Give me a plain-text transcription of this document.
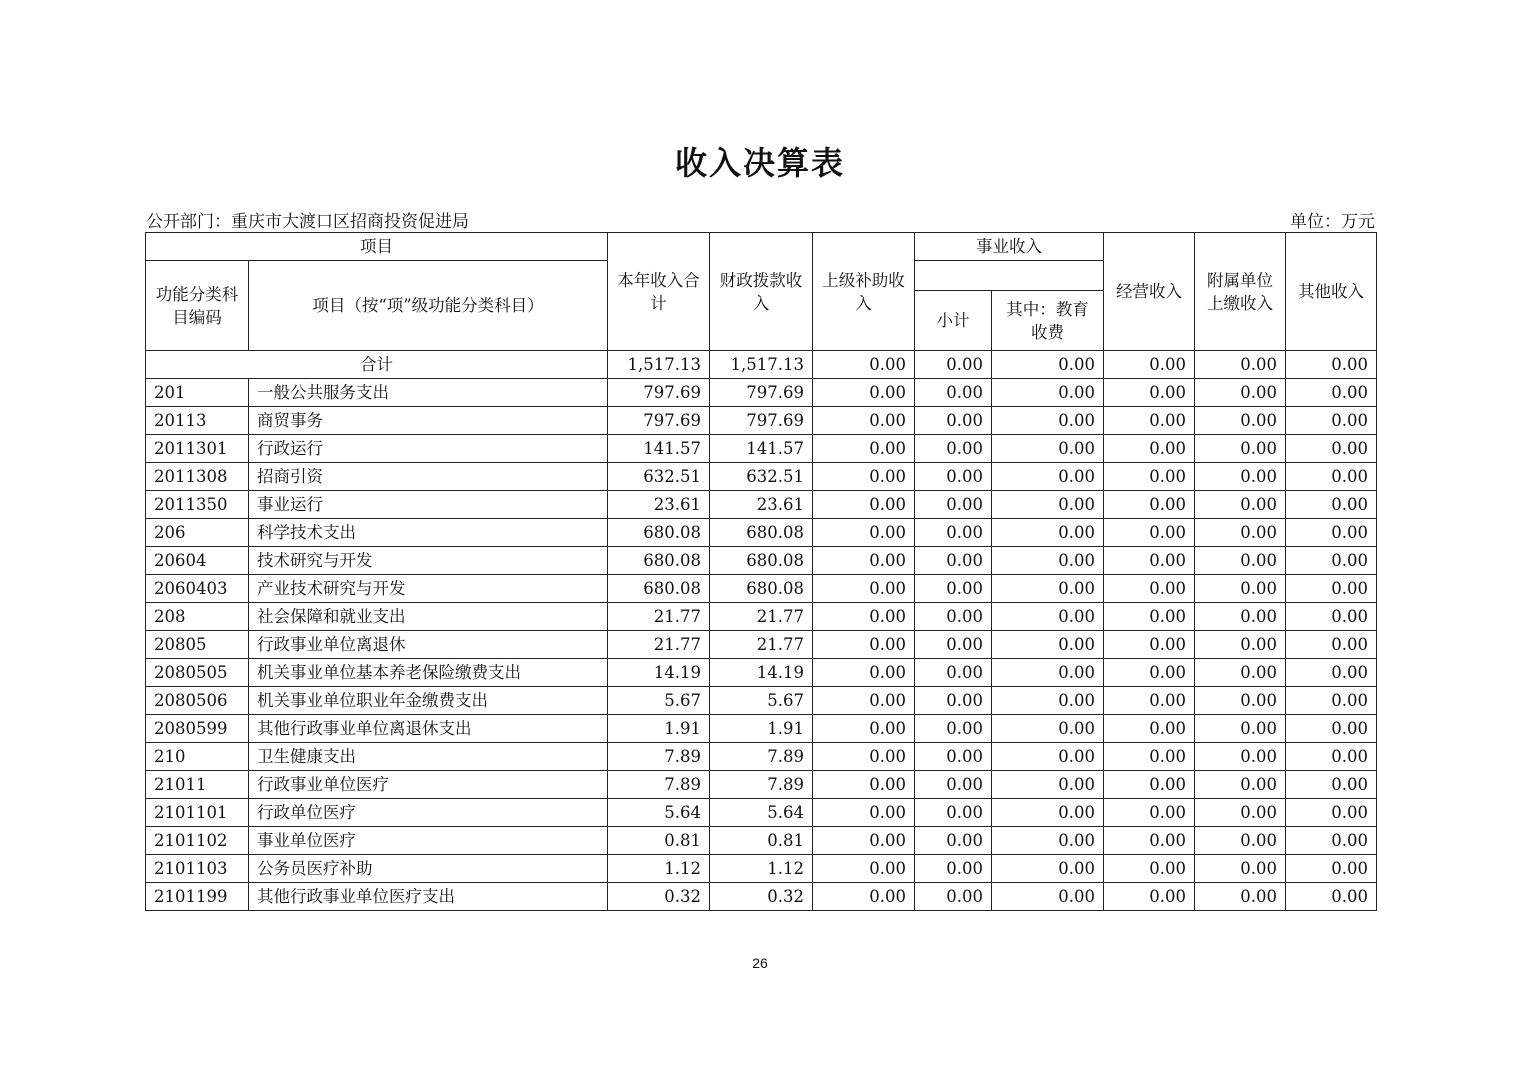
收入决算表
公开部门：重庆市大渡口区招商投资促进局	单位：万元
项目		本年收入合计	财政拨款收入	上级补助收入	事业收入		经营收入	附属单位上缴收入	其他收入
功能分类科目编码	项目（按“项”级功能分类科目）								
					小计	其中：教育收费			
合计		1,517.13	1,517.13	0.00	0.00	0.00	0.00	0.00	0.00
201	一般公共服务支出	797.69	797.69	0.00	0.00	0.00	0.00	0.00	0.00
20113	商贸事务	797.69	797.69	0.00	0.00	0.00	0.00	0.00	0.00
2011301	行政运行	141.57	141.57	0.00	0.00	0.00	0.00	0.00	0.00
2011308	招商引资	632.51	632.51	0.00	0.00	0.00	0.00	0.00	0.00
2011350	事业运行	23.61	23.61	0.00	0.00	0.00	0.00	0.00	0.00
206	科学技术支出	680.08	680.08	0.00	0.00	0.00	0.00	0.00	0.00
20604	技术研究与开发	680.08	680.08	0.00	0.00	0.00	0.00	0.00	0.00
2060403	产业技术研究与开发	680.08	680.08	0.00	0.00	0.00	0.00	0.00	0.00
208	社会保障和就业支出	21.77	21.77	0.00	0.00	0.00	0.00	0.00	0.00
20805	行政事业单位离退休	21.77	21.77	0.00	0.00	0.00	0.00	0.00	0.00
2080505	机关事业单位基本养老保险缴费支出	14.19	14.19	0.00	0.00	0.00	0.00	0.00	0.00
2080506	机关事业单位职业年金缴费支出	5.67	5.67	0.00	0.00	0.00	0.00	0.00	0.00
2080599	其他行政事业单位离退休支出	1.91	1.91	0.00	0.00	0.00	0.00	0.00	0.00
210	卫生健康支出	7.89	7.89	0.00	0.00	0.00	0.00	0.00	0.00
21011	行政事业单位医疗	7.89	7.89	0.00	0.00	0.00	0.00	0.00	0.00
2101101	行政单位医疗	5.64	5.64	0.00	0.00	0.00	0.00	0.00	0.00
2101102	事业单位医疗	0.81	0.81	0.00	0.00	0.00	0.00	0.00	0.00
2101103	公务员医疗补助	1.12	1.12	0.00	0.00	0.00	0.00	0.00	0.00
2101199	其他行政事业单位医疗支出	0.32	0.32	0.00	0.00	0.00	0.00	0.00	0.00
26
